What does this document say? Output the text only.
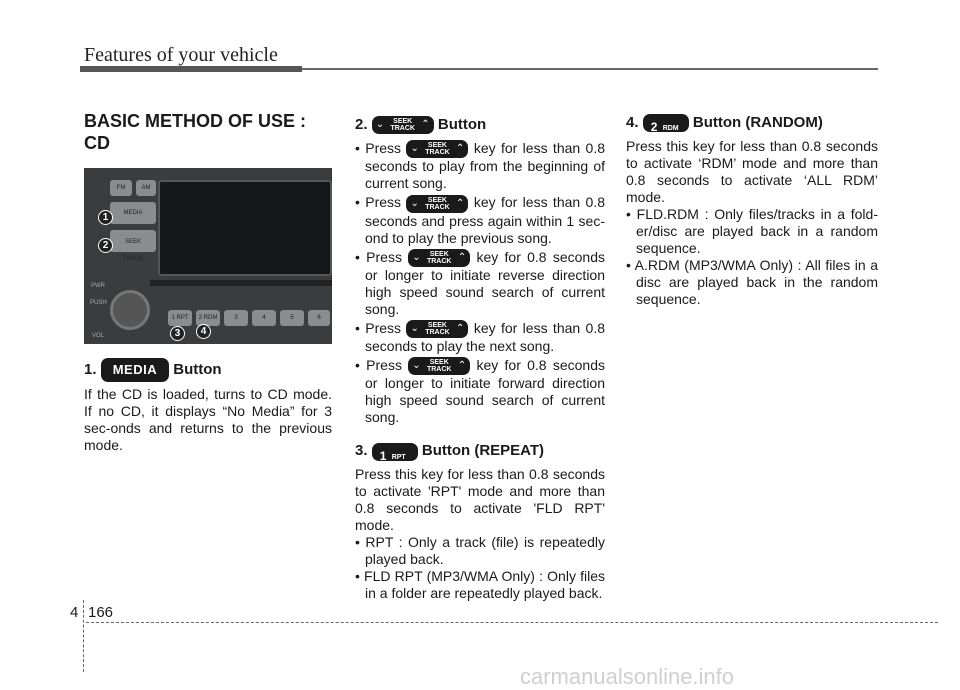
Features of your vehicle
BASIC METHOD OF USE : CD
FM	AM
MEDIA
SEEK
TRACK
PWR
PUSH
VOL
1 RPT	2 RDM	3	4	5	6
1
2
3	4
1. MEDIA Button

If the CD is loaded, turns to CD mode. If no CD, it displays “No Media” for 3 sec-onds and returns to the previous mode.

2. ⌄	SEEK
TRACK ⌃ Button
• Press ⌄	SEEK
TRACK ⌃ key for less than 0.8 seconds to play from the beginning of current song.
• Press ⌄	SEEK
TRACK ⌃ key for less than 0.8 seconds and press again within 1 sec-ond to play the previous song.
• Press ⌄	SEEK
TRACK ⌃ key for 0.8 seconds or longer to initiate reverse direction high speed sound search of current song.
• Press ⌄	SEEK
TRACK ⌃ key for less than 0.8 seconds to play the next song.
• Press ⌄	SEEK
TRACK ⌃ key for 0.8 seconds or longer to initiate forward direction high speed sound search of current song.
3. 1 RPT Button (REPEAT)

Press this key for less than 0.8 seconds to activate 'RPT' mode and more than 0.8 seconds to activate 'FLD RPT' mode.

• RPT : Only a track (file) is repeatedly played back.
• FLD RPT (MP3/WMA Only) : Only files in a folder are repeatedly played back.
4. 2 RDM Button (RANDOM)

Press this key for less than 0.8 seconds to activate ‘RDM’ mode and more than 0.8 seconds to activate ‘ALL RDM’ mode.

• FLD.RDM : Only files/tracks in a fold-er/disc are played back in a random sequence.
• A.RDM (MP3/WMA Only) : All files in a disc are played back in the random sequence.
4 166
carmanualsonline.info
